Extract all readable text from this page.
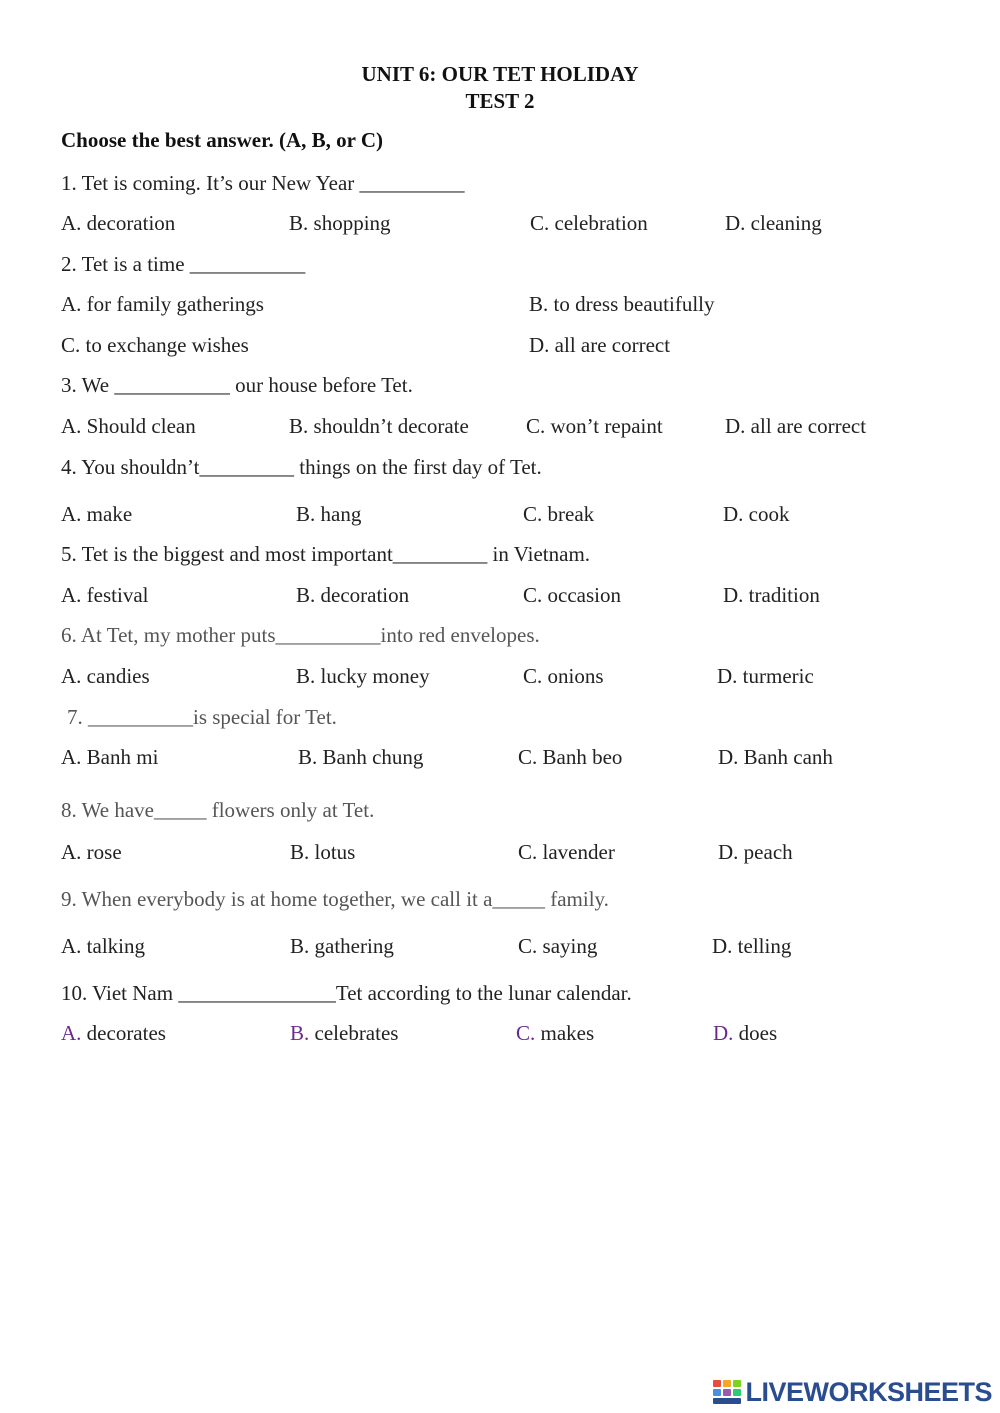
UNIT 6: OUR TET HOLIDAY
TEST 2
Choose the best answer. (A, B, or C)
1. Tet is coming. It’s our New Year __________
A. decoration	B. shopping	C. celebration	D. cleaning
2. Tet is a time ___________
A. for family gatherings	B. to dress beautifully
C. to exchange wishes	D. all are correct
3. We ___________ our house before Tet.
A. Should clean	B. shouldn’t decorate	C. won’t repaint	D. all are correct
4. You shouldn’t_________ things on the first day of Tet.
A. make	B. hang	C. break	D. cook
5. Tet is the biggest and most important_________ in Vietnam.
A. festival	B. decoration	C. occasion	D. tradition
6. At Tet, my mother puts__________into red envelopes.
A. candies	B. lucky money	C. onions	D. turmeric
7. __________is special for Tet.
A. Banh mi	B. Banh chung	C. Banh beo	D. Banh canh
8. We have_____ flowers only at Tet.
A. rose	B. lotus	C. lavender	D. peach
9. When everybody is at home together, we call it a_____ family.
A. talking	B. gathering	C. saying	D. telling
10. Viet Nam _______________Tet according to the lunar calendar.
A. decorates	B. celebrates	C. makes	D. does
LIVEWORKSHEETS
